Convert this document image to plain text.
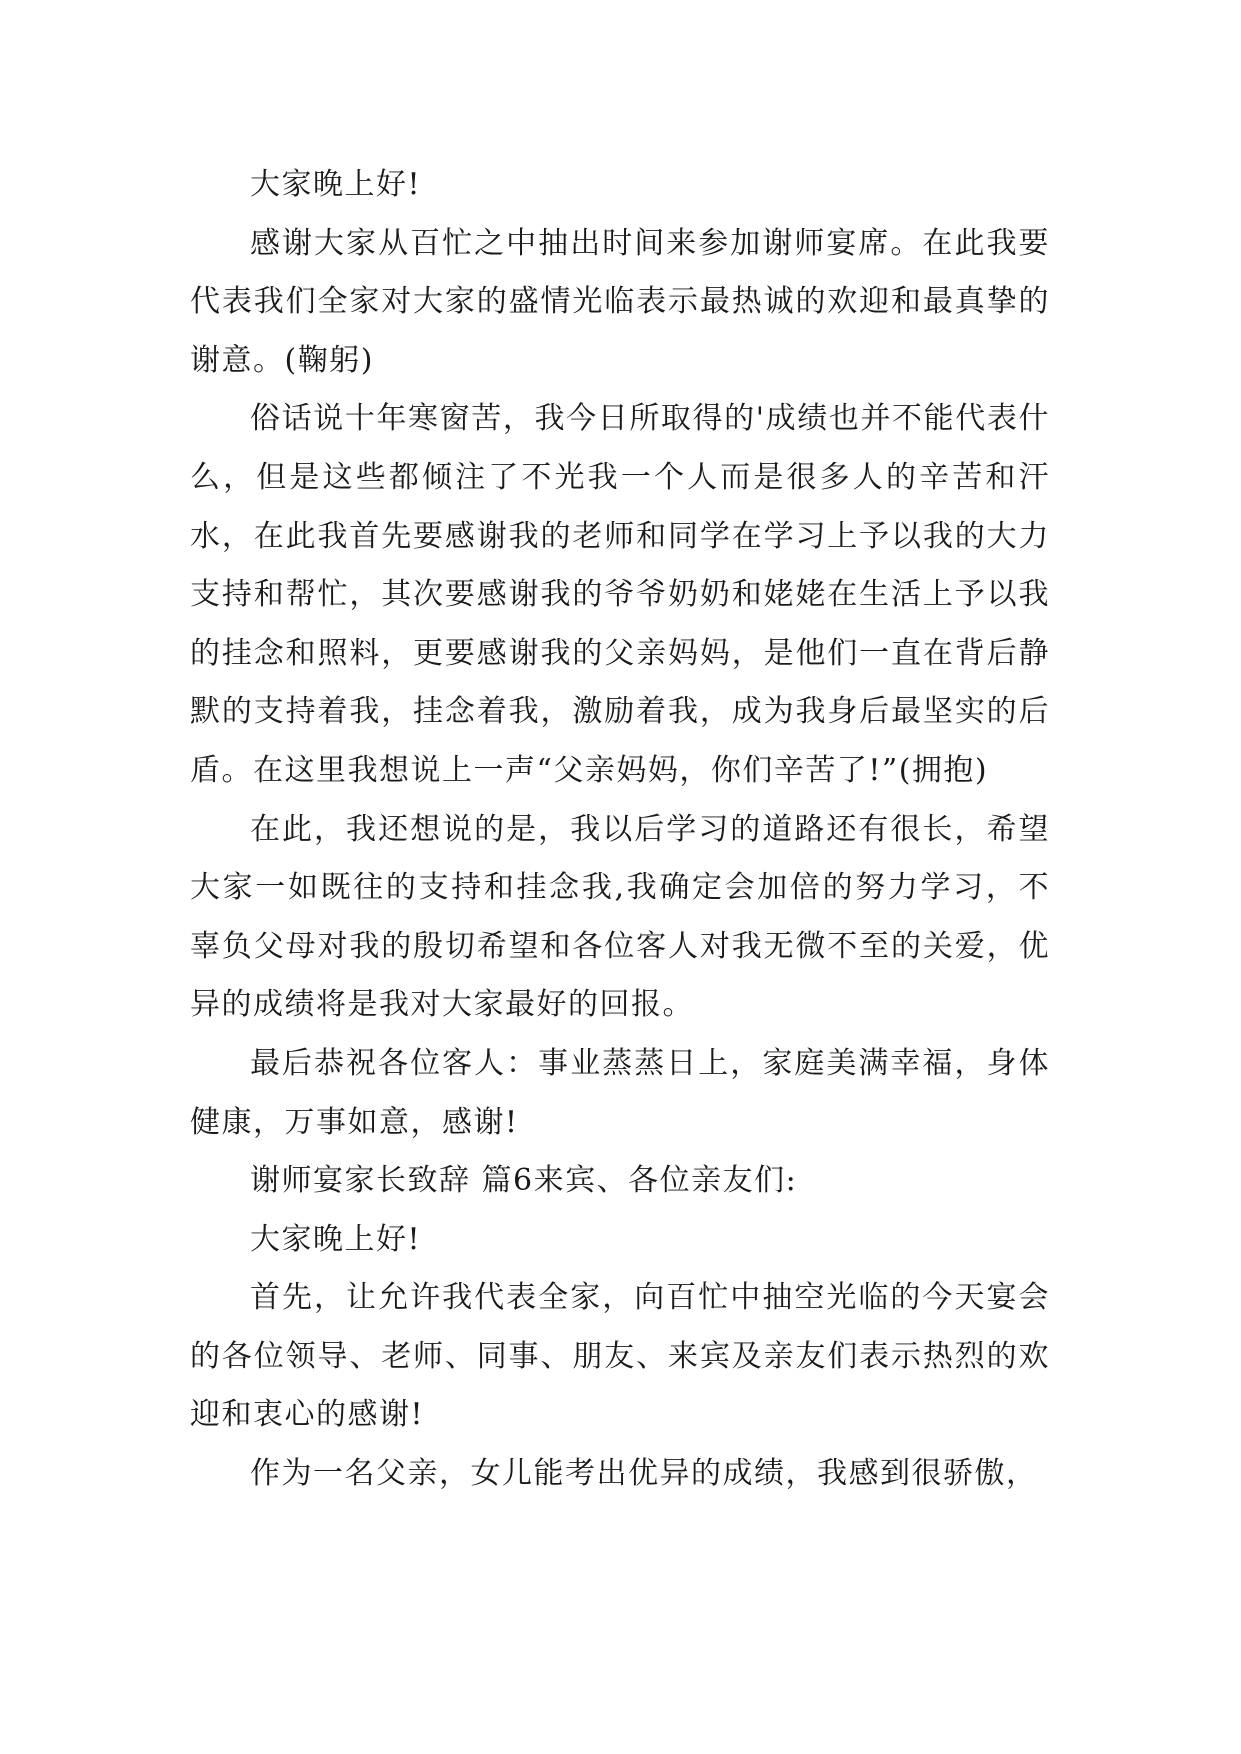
大家晚上好!

感谢大家从百忙之中抽出时间来参加谢师宴席。在此我要代表我们全家对大家的盛情光临表示最热诚的欢迎和最真挚的谢意。(鞠躬)

俗话说十年寒窗苦，我今日所取得的'成绩也并不能代表什么，但是这些都倾注了不光我一个人而是很多人的辛苦和汗水，在此我首先要感谢我的老师和同学在学习上予以我的大力支持和帮忙，其次要感谢我的爷爷奶奶和姥姥在生活上予以我的挂念和照料，更要感谢我的父亲妈妈，是他们一直在背后静默的支持着我，挂念着我，激励着我，成为我身后最坚实的后盾。在这里我想说上一声“父亲妈妈，你们辛苦了!”(拥抱)

在此，我还想说的是，我以后学习的道路还有很长，希望大家一如既往的支持和挂念我,我确定会加倍的努力学习，不辜负父母对我的殷切希望和各位客人对我无微不至的关爱，优异的成绩将是我对大家最好的回报。

最后恭祝各位客人：事业蒸蒸日上，家庭美满幸福，身体健康，万事如意，感谢!

谢师宴家长致辞 篇6来宾、各位亲友们:

大家晚上好!

首先，让允许我代表全家，向百忙中抽空光临的今天宴会的各位领导、老师、同事、朋友、来宾及亲友们表示热烈的欢迎和衷心的感谢!

作为一名父亲，女儿能考出优异的成绩，我感到很骄傲，
